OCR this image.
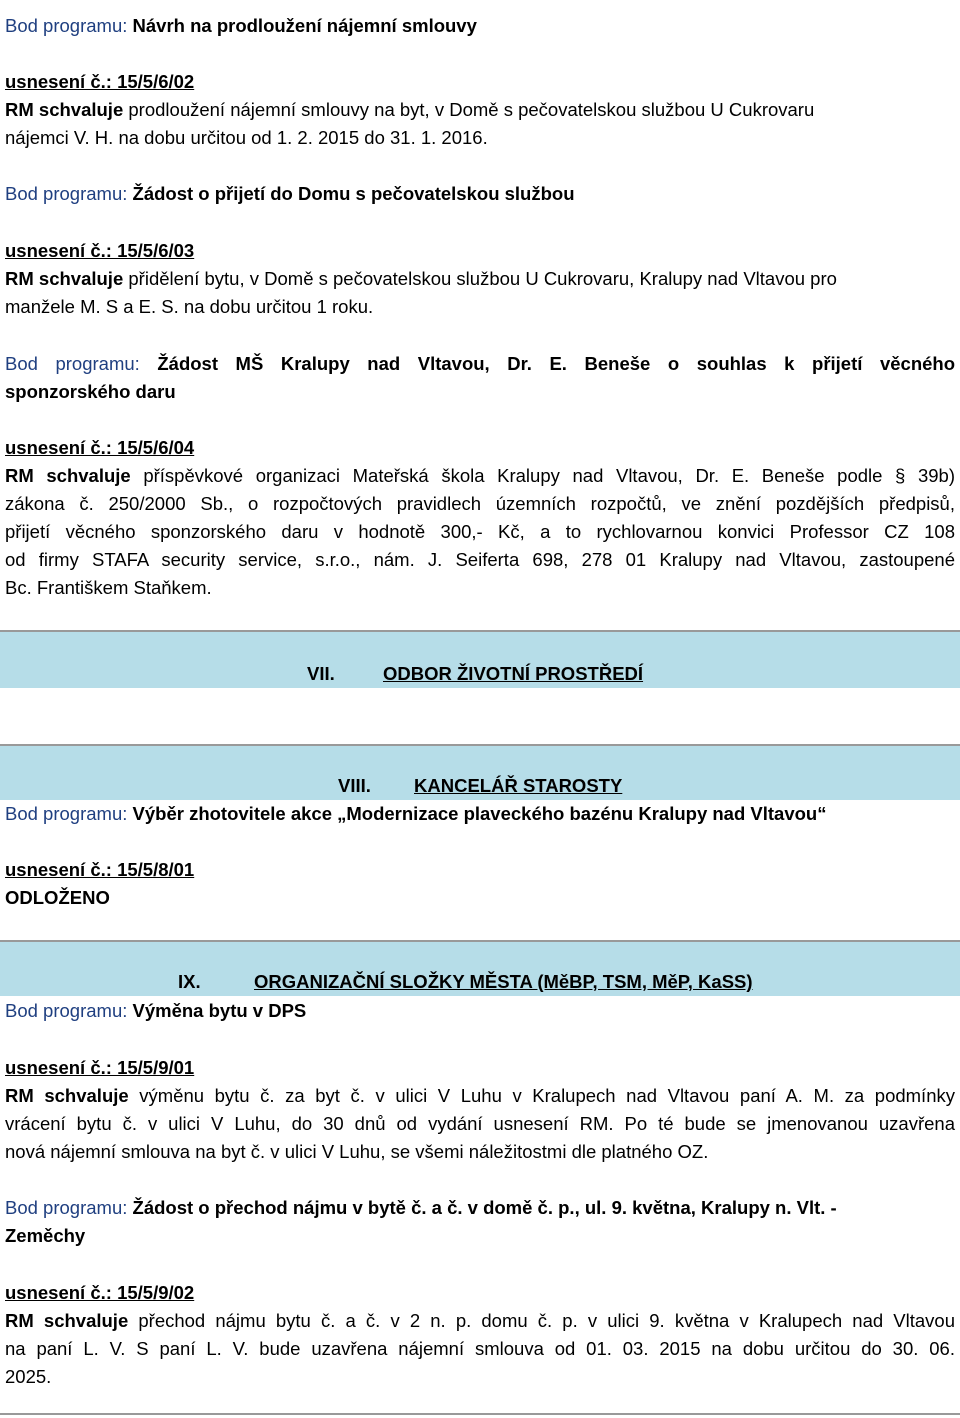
Bod programu: Návrh na prodloužení nájemní smlouvy
usnesení č.: 15/5/6/02
RM schvaluje prodloužení nájemní smlouvy na byt, v Domě s pečovatelskou službou U Cukrovaru
nájemci V. H. na dobu určitou od 1. 2. 2015 do 31. 1. 2016.
Bod programu: Žádost o přijetí do Domu s pečovatelskou službou
usnesení č.: 15/5/6/03
RM schvaluje přidělení bytu, v Domě s pečovatelskou službou U Cukrovaru, Kralupy nad Vltavou pro
manžele M. S a E. S. na dobu určitou 1 roku.
Bod programu: Žádost MŠ Kralupy nad Vltavou, Dr. E. Beneše o souhlas k přijetí věcného
sponzorského daru
usnesení č.: 15/5/6/04
RM schvaluje příspěvkové organizaci Mateřská škola Kralupy nad Vltavou, Dr. E. Beneše podle § 39b)
zákona č. 250/2000 Sb., o rozpočtových pravidlech územních rozpočtů, ve znění pozdějších předpisů,
přijetí věcného sponzorského daru v hodnotě 300,- Kč, a to rychlovarnou konvici Professor CZ 108
od firmy STAFA security service, s.r.o., nám. J. Seiferta 698, 278 01 Kralupy nad Vltavou, zastoupené
Bc. Františkem Staňkem.
VII.	ODBOR ŽIVOTNÍ PROSTŘEDÍ
VIII. KANCELÁŘ STAROSTY
Bod programu: Výběr zhotovitele akce „Modernizace plaveckého bazénu Kralupy nad Vltavou“
usnesení č.: 15/5/8/01
ODLOŽENO
IX.	ORGANIZAČNÍ SLOŽKY MĚSTA (MěBP, TSM, MěP, KaSS)
Bod programu: Výměna bytu v DPS
usnesení č.: 15/5/9/01
RM schvaluje výměnu bytu č. za byt č. v ulici V Luhu v Kralupech nad Vltavou paní A. M. za podmínky
vrácení bytu č. v ulici V Luhu, do 30 dnů od vydání usnesení RM. Po té bude se jmenovanou uzavřena
nová nájemní smlouva na byt č. v ulici V Luhu, se všemi náležitostmi dle platného OZ.
Bod programu: Žádost o přechod nájmu v bytě č. a č. v domě č. p., ul. 9. května, Kralupy n. Vlt. -
Zeměchy
usnesení č.: 15/5/9/02
RM schvaluje přechod nájmu bytu č. a č. v 2 n. p. domu č. p. v ulici 9. května v Kralupech nad Vltavou
na paní L. V. S paní L. V. bude uzavřena nájemní smlouva od 01. 03. 2015 na dobu určitou do 30. 06.
2025.
